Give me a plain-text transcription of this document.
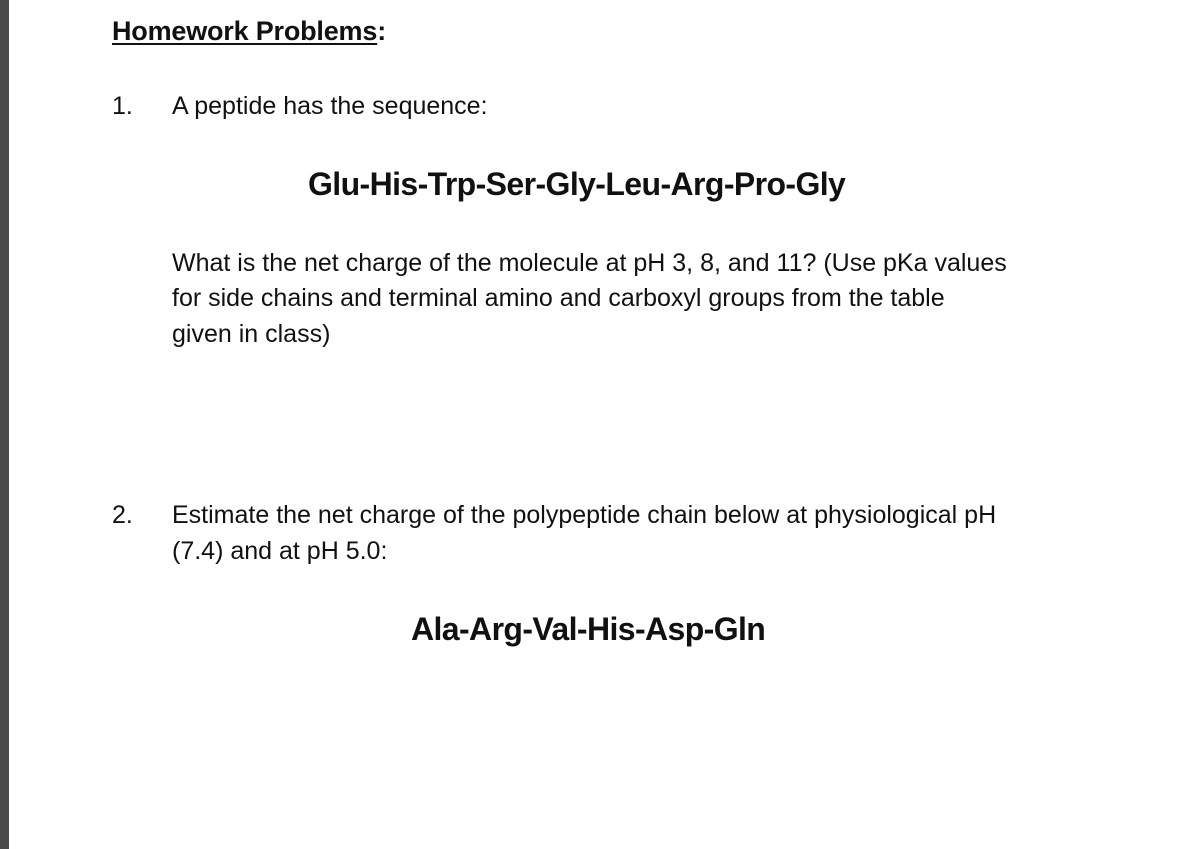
Homework Problems:
1. A peptide has the sequence:
Glu-His-Trp-Ser-Gly-Leu-Arg-Pro-Gly
What is the net charge of the molecule at pH 3, 8, and 11? (Use pKa values
for side chains and terminal amino and carboxyl groups from the table
given in class)
2. Estimate the net charge of the polypeptide chain below at physiological pH
(7.4) and at pH 5.0:
Ala-Arg-Val-His-Asp-Gln
